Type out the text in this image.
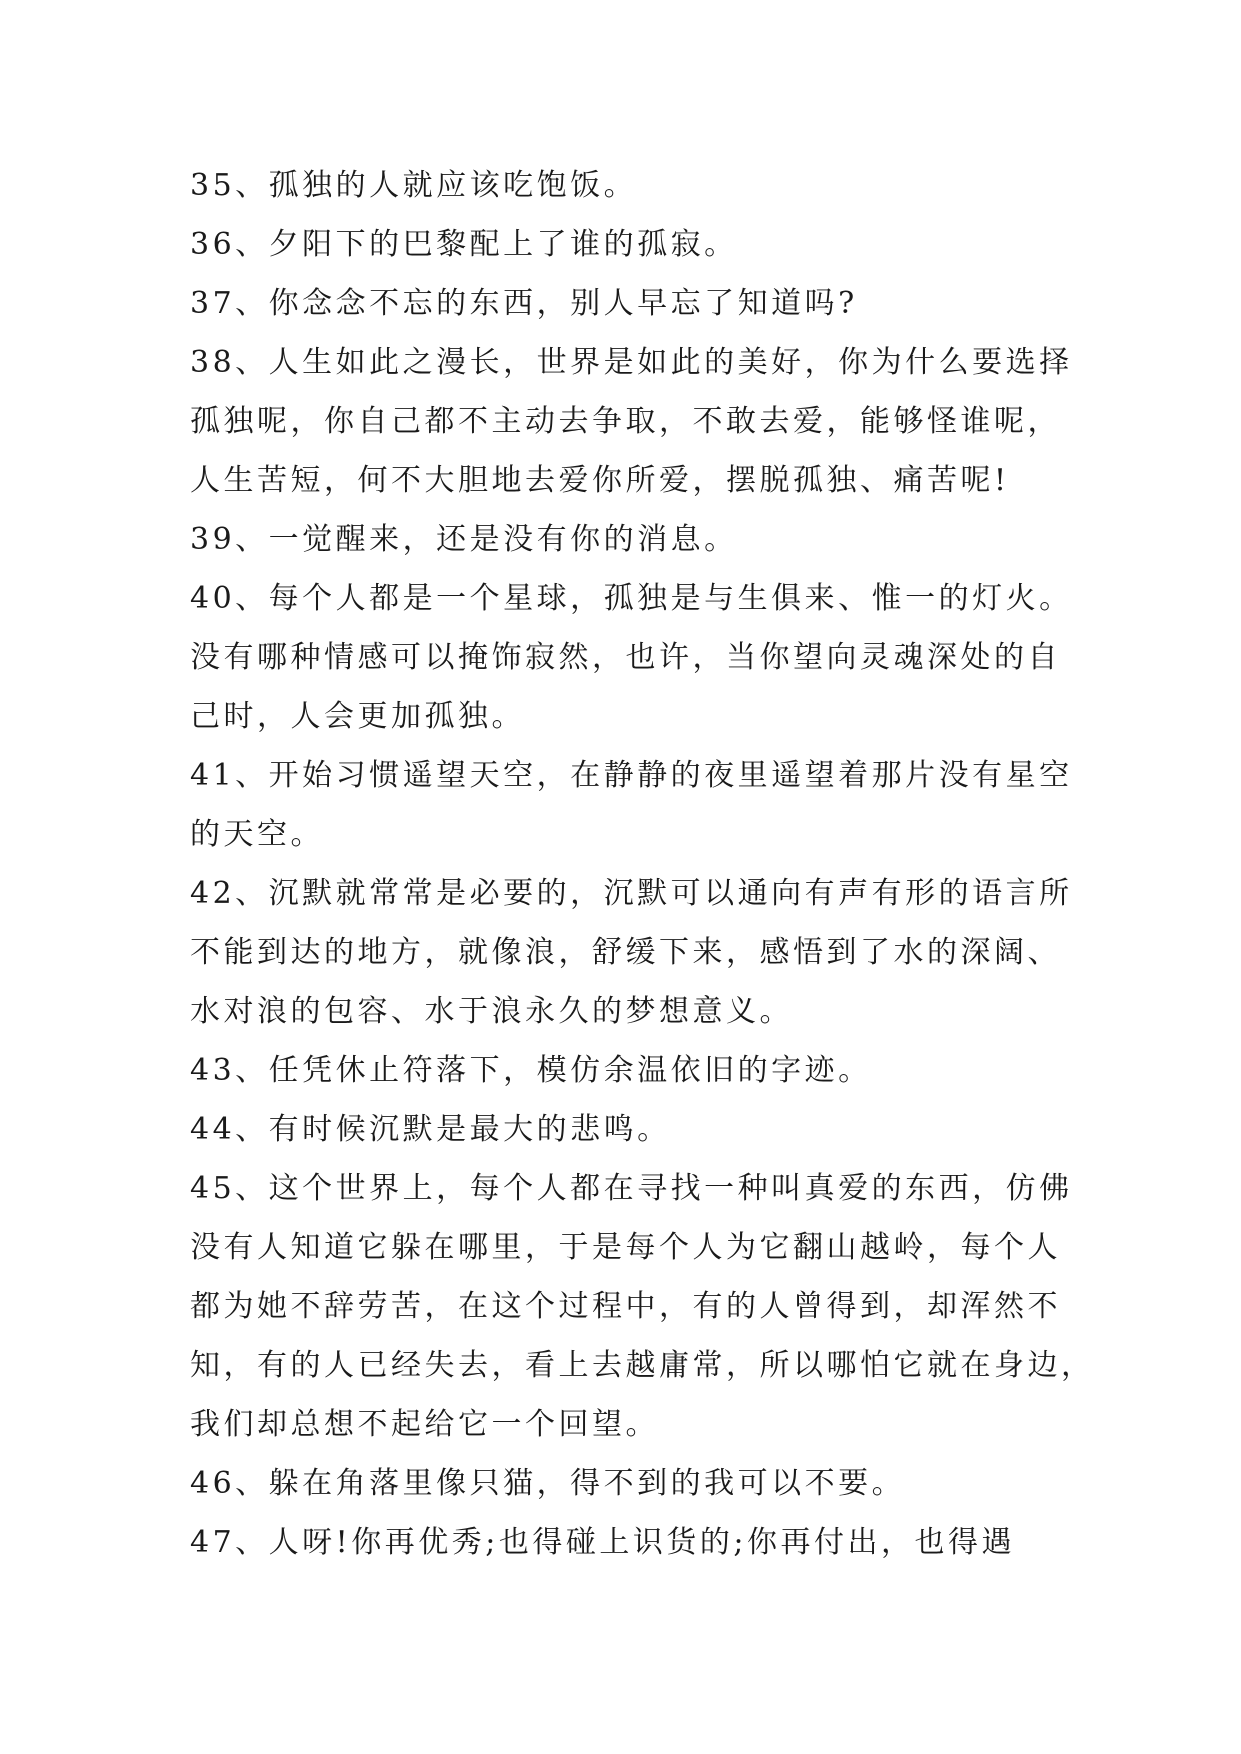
35、孤独的人就应该吃饱饭。
36、夕阳下的巴黎配上了谁的孤寂。
37、你念念不忘的东西，别人早忘了知道吗?
38、人生如此之漫长，世界是如此的美好，你为什么要选择
孤独呢，你自己都不主动去争取，不敢去爱，能够怪谁呢，
人生苦短，何不大胆地去爱你所爱，摆脱孤独、痛苦呢!
39、一觉醒来，还是没有你的消息。
40、每个人都是一个星球，孤独是与生俱来、惟一的灯火。
没有哪种情感可以掩饰寂然，也许，当你望向灵魂深处的自
己时，人会更加孤独。
41、开始习惯遥望天空，在静静的夜里遥望着那片没有星空
的天空。
42、沉默就常常是必要的，沉默可以通向有声有形的语言所
不能到达的地方，就像浪，舒缓下来，感悟到了水的深阔、
水对浪的包容、水于浪永久的梦想意义。
43、任凭休止符落下，模仿余温依旧的字迹。
44、有时候沉默是最大的悲鸣。
45、这个世界上，每个人都在寻找一种叫真爱的东西，仿佛
没有人知道它躲在哪里，于是每个人为它翻山越岭，每个人
都为她不辞劳苦，在这个过程中，有的人曾得到，却浑然不
知，有的人已经失去，看上去越庸常，所以哪怕它就在身边，
我们却总想不起给它一个回望。
46、躲在角落里像只猫，得不到的我可以不要。
47、人呀!你再优秀;也得碰上识货的;你再付出，也得遇
